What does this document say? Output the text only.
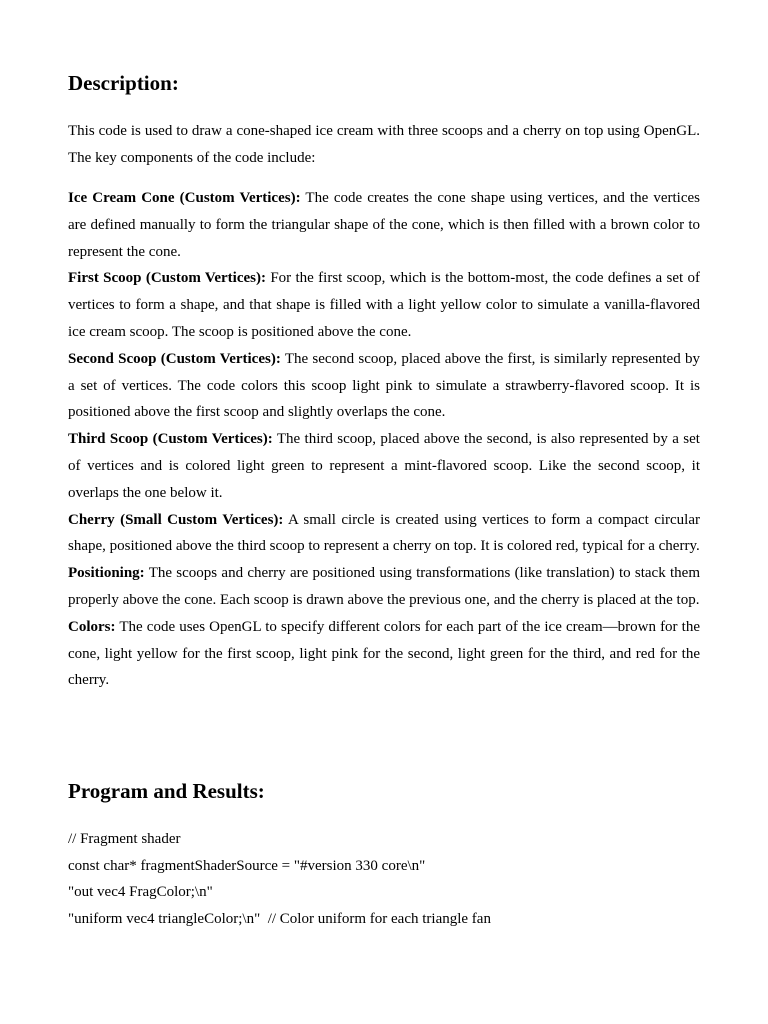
Description:

This code is used to draw a cone-shaped ice cream with three scoops and a cherry on top using OpenGL. The key components of the code include:

Ice Cream Cone (Custom Vertices): The code creates the cone shape using vertices, and the vertices are defined manually to form the triangular shape of the cone, which is then filled with a brown color to represent the cone.

First Scoop (Custom Vertices): For the first scoop, which is the bottom-most, the code defines a set of vertices to form a shape, and that shape is filled with a light yellow color to simulate a vanilla-flavored ice cream scoop. The scoop is positioned above the cone.

Second Scoop (Custom Vertices): The second scoop, placed above the first, is similarly represented by a set of vertices. The code colors this scoop light pink to simulate a strawberry-flavored scoop. It is positioned above the first scoop and slightly overlaps the cone.

Third Scoop (Custom Vertices): The third scoop, placed above the second, is also represented by a set of vertices and is colored light green to represent a mint-flavored scoop. Like the second scoop, it overlaps the one below it.

Cherry (Small Custom Vertices): A small circle is created using vertices to form a compact circular shape, positioned above the third scoop to represent a cherry on top. It is colored red, typical for a cherry.

Positioning: The scoops and cherry are positioned using transformations (like translation) to stack them properly above the cone. Each scoop is drawn above the previous one, and the cherry is placed at the top.

Colors: The code uses OpenGL to specify different colors for each part of the ice cream—brown for the cone, light yellow for the first scoop, light pink for the second, light green for the third, and red for the cherry.

Program and Results:
// Fragment shader
const char* fragmentShaderSource = "#version 330 core\n"
"out vec4 FragColor;\n"
"uniform vec4 triangleColor;\n"  // Color uniform for each triangle fan
